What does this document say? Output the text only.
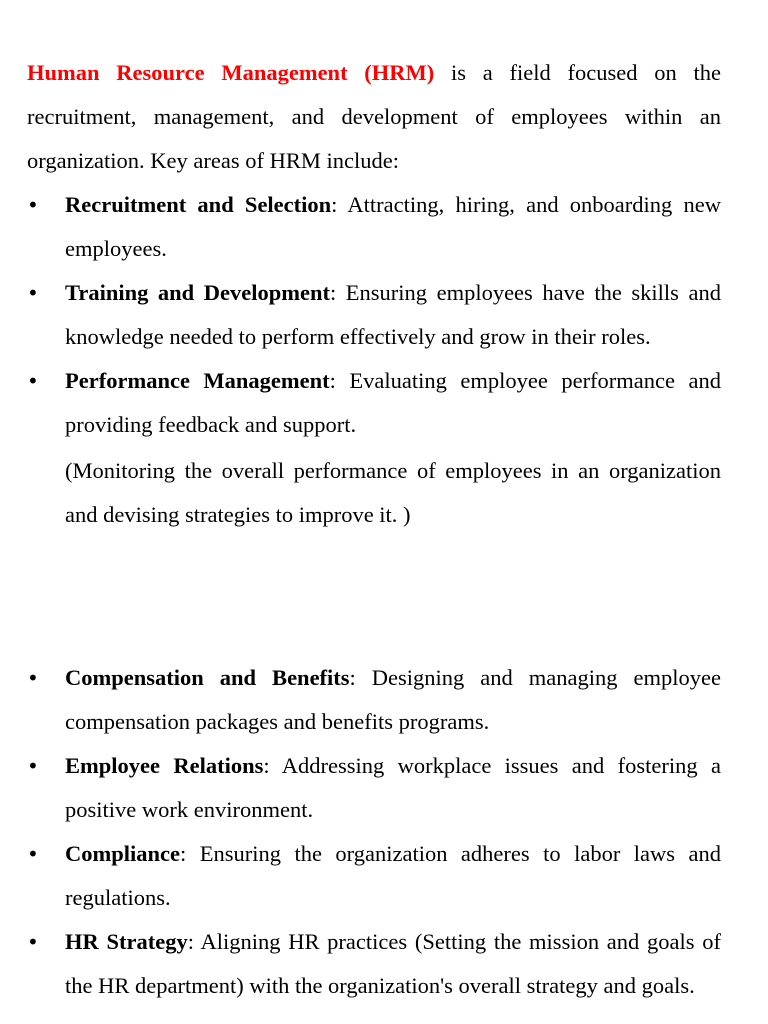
Human Resource Management (HRM) is a field focused on the recruitment, management, and development of employees within an organization. Key areas of HRM include:

•	Recruitment and Selection: Attracting, hiring, and onboarding new employees.
•	Training and Development: Ensuring employees have the skills and knowledge needed to perform effectively and grow in their roles.
•	Performance Management: Evaluating employee performance and providing feedback and support.
(Monitoring the overall performance of employees in an organization and devising strategies to improve it. )
•	Compensation and Benefits: Designing and managing employee compensation packages and benefits programs.
•	Employee Relations: Addressing workplace issues and fostering a positive work environment.
•	Compliance: Ensuring the organization adheres to labor laws and regulations.
•	HR Strategy: Aligning HR practices (Setting the mission and goals of the HR department) with the organization's overall strategy and goals.
